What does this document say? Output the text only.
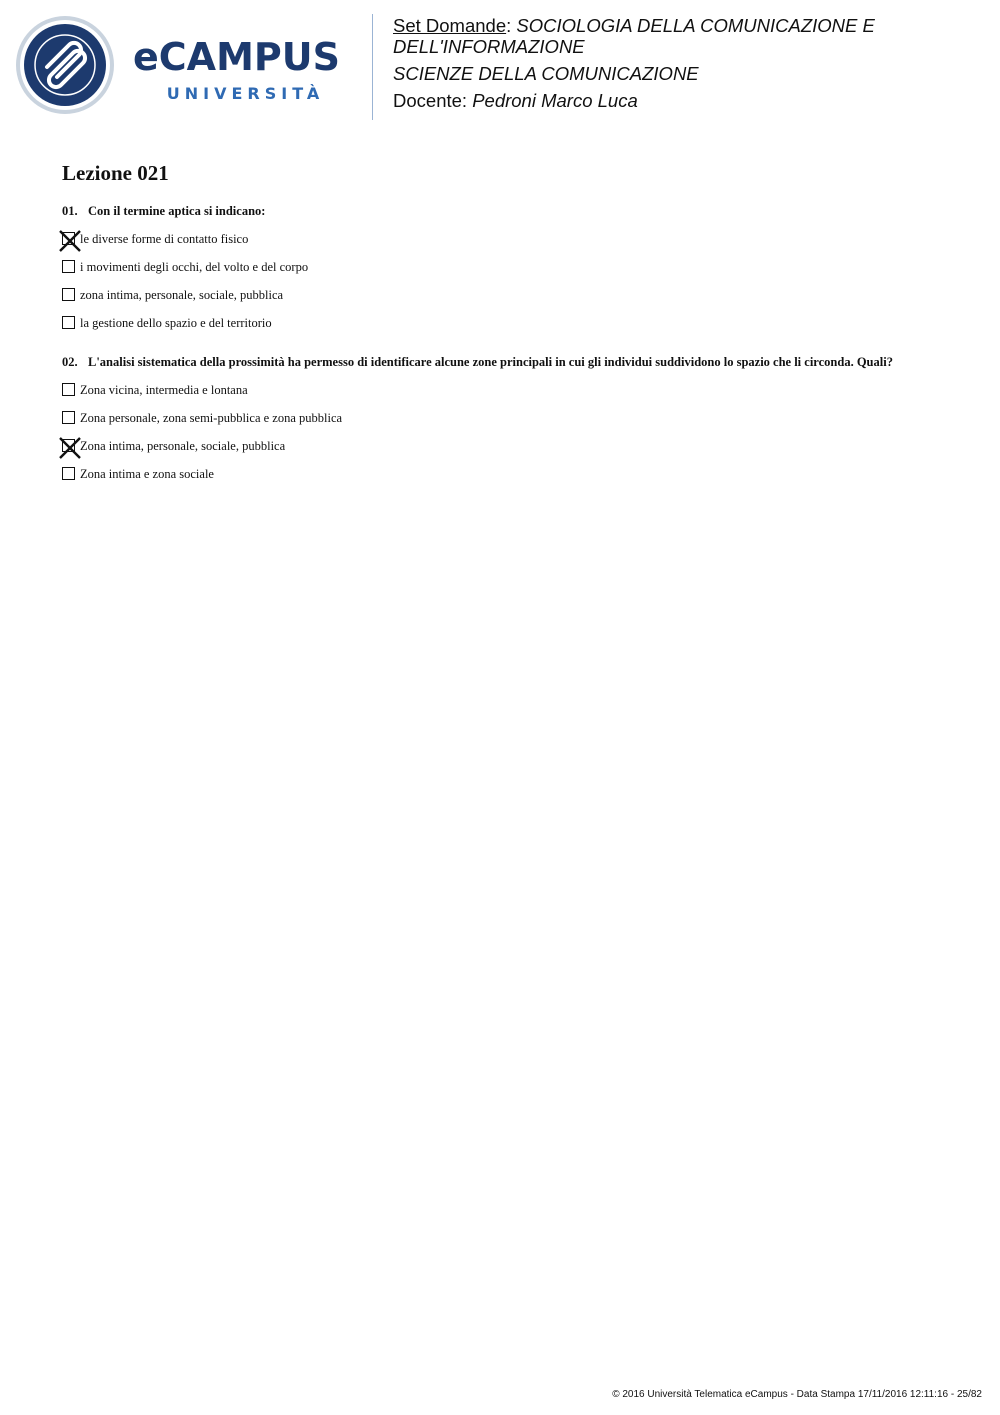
eCAMPUS
UNIVERSITÀ
Set Domande: SOCIOLOGIA DELLA COMUNICAZIONE E DELL'INFORMAZIONE
SCIENZE DELLA COMUNICAZIONE
Docente: Pedroni Marco Luca
Lezione 021
01. Con il termine aptica si indicano:
le diverse forme di contatto fisico
i movimenti degli occhi, del volto e del corpo
zona intima, personale, sociale, pubblica
la gestione dello spazio e del territorio
02. L'analisi sistematica della prossimità ha permesso di identificare alcune zone principali in cui gli individui suddividono lo spazio che li circonda. Quali?
Zona vicina, intermedia e lontana
Zona personale, zona semi-pubblica e zona pubblica
Zona intima, personale, sociale, pubblica
Zona intima e zona sociale
© 2016 Università Telematica eCampus - Data Stampa 17/11/2016 12:11:16 - 25/82
